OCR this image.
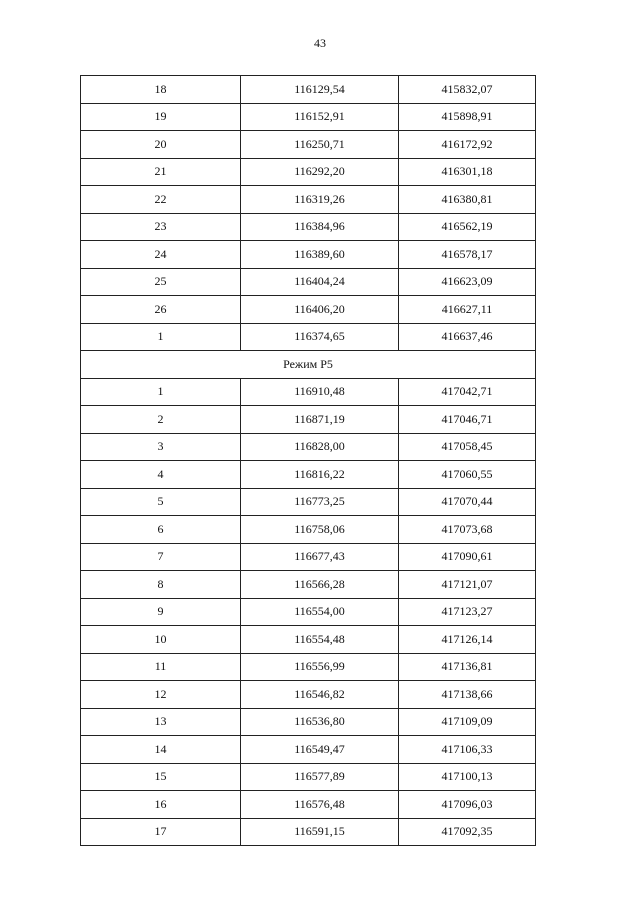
43
18	116129,54	415832,07
19	116152,91	415898,91
20	116250,71	416172,92
21	116292,20	416301,18
22	116319,26	416380,81
23	116384,96	416562,19
24	116389,60	416578,17
25	116404,24	416623,09
26	116406,20	416627,11
1	116374,65	416637,46
Режим Р5		
1	116910,48	417042,71
2	116871,19	417046,71
3	116828,00	417058,45
4	116816,22	417060,55
5	116773,25	417070,44
6	116758,06	417073,68
7	116677,43	417090,61
8	116566,28	417121,07
9	116554,00	417123,27
10	116554,48	417126,14
11	116556,99	417136,81
12	116546,82	417138,66
13	116536,80	417109,09
14	116549,47	417106,33
15	116577,89	417100,13
16	116576,48	417096,03
17	116591,15	417092,35
